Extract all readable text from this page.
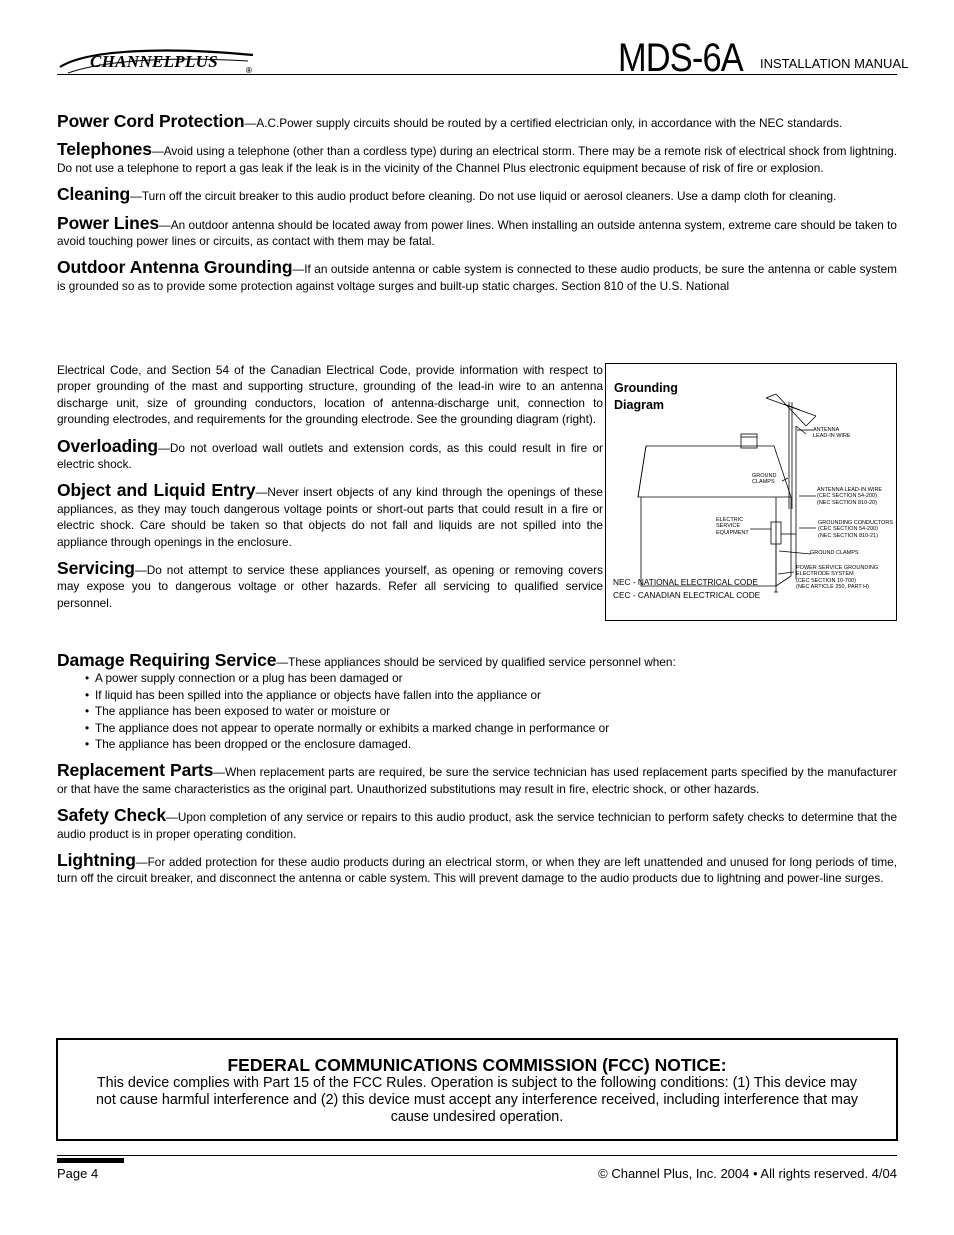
CHANNELPLUS	®	MDS-6A INSTALLATION MANUAL

Power Cord Protection—A.C.Power supply circuits should be routed by a certified electrician only, in accordance with the NEC standards.

Telephones—Avoid using a telephone (other than a cordless type) during an electrical storm. There may be a remote risk of electrical shock from lightning. Do not use a telephone to report a gas leak if the leak is in the vicinity of the Channel Plus electronic equipment because of risk of fire or explosion.

Cleaning—Turn off the circuit breaker to this audio product before cleaning. Do not use liquid or aerosol cleaners. Use a damp cloth for cleaning.

Power Lines—An outdoor antenna should be located away from power lines. When installing an outside antenna system, extreme care should be taken to avoid touching power lines or circuits, as contact with them may be fatal.

Outdoor Antenna Grounding—If an outside antenna or cable system is connected to these audio products, be sure the antenna or cable system is grounded so as to provide some protection against voltage surges and built-up static charges. Section 810 of the U.S. National

Electrical Code, and Section 54 of the Canadian Electrical Code, provide information with respect to proper grounding of the mast and supporting structure, grounding of the lead-in wire to an antenna discharge unit, size of grounding conductors, location of antenna-discharge unit, connection to grounding electrodes, and requirements for the grounding electrode. See the grounding diagram (right).

Overloading—Do not overload wall outlets and extension cords, as this could result in fire or electric shock.

Object and Liquid Entry—Never insert objects of any kind through the openings of these appliances, as they may touch dangerous voltage points or short-out parts that could result in a fire or electric shock. Care should be taken so that objects do not fall and liquids are not spilled into the appliance through openings in the enclosure.

Servicing—Do not attempt to service these appliances yourself, as opening or removing covers may expose you to dangerous voltage or other hazards. Refer all servicing to qualified service personnel.

Grounding
Diagram
ANTENNA
LEAD-IN WIRE
GROUND
CLAMPS
ANTENNA LEAD-IN WIRE
(CEC SECTION 54-200)
(NEC SECTION 810-20)
ELECTRIC
SERVICE
EQUIPMENT
GROUNDING CONDUCTORS
(CEC SECTION 54-200)
(NEC SECTION 810-21)
GROUND CLAMPS
POWER SERVICE GROUNDING
ELECTRODE SYSTEM
(CEC SECTION 10-700)
(NEC ARTICLE 250, PART H)
NEC - NATIONAL ELECTRICAL CODE
CEC - CANADIAN ELECTRICAL CODE
Damage Requiring Service—These appliances should be serviced by qualified service personnel when:
• A power supply connection or a plug has been damaged or
• If liquid has been spilled into the appliance or objects have fallen into the appliance or
• The appliance has been exposed to water or moisture or
• The appliance does not appear to operate normally or exhibits a marked change in performance or
• The appliance has been dropped or the enclosure damaged.

Replacement Parts—When replacement parts are required, be sure the service technician has used replacement parts specified by the manufacturer or that have the same characteristics as the original part. Unauthorized substitutions may result in fire, electric shock, or other hazards.

Safety Check—Upon completion of any service or repairs to this audio product, ask the service technician to perform safety checks to determine that the audio product is in proper operating condition.

Lightning—For added protection for these audio products during an electrical storm, or when they are left unattended and unused for long periods of time, turn off the circuit breaker, and disconnect the antenna or cable system. This will prevent damage to the audio products due to lightning and power-line surges.

FEDERAL COMMUNICATIONS COMMISSION (FCC) NOTICE:
This device complies with Part 15 of the FCC Rules. Operation is subject to the following conditions: (1) This device may not cause harmful interference and (2) this device must accept any interference received, including interference that may cause undesired operation.
Page 4	© Channel Plus, Inc. 2004 • All rights reserved. 4/04
